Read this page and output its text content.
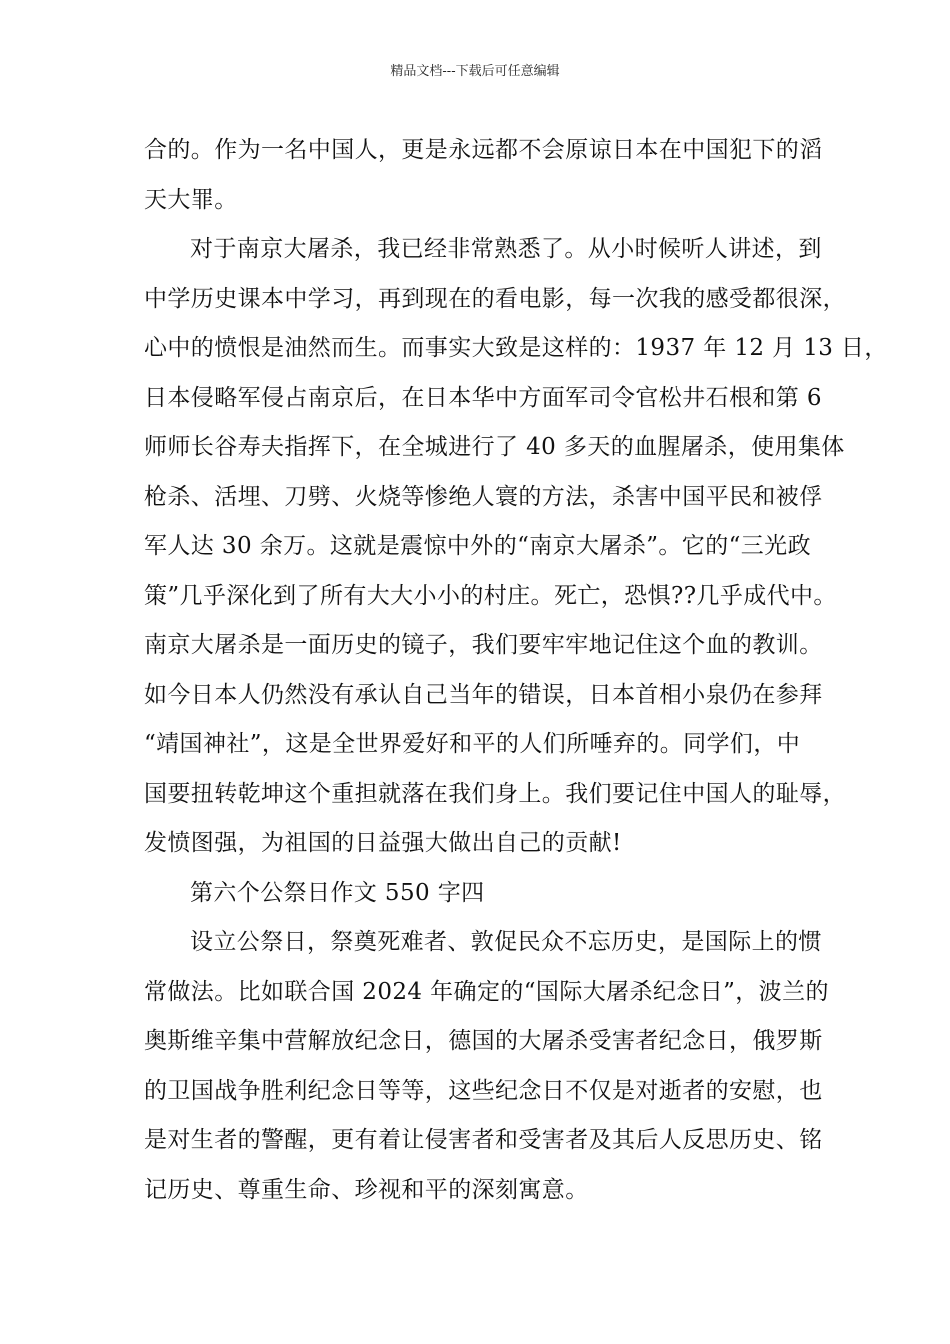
精品文档---下载后可任意编辑
合的。作为一名中国人，更是永远都不会原谅日本在中国犯下的滔
天大罪。
对于南京大屠杀，我已经非常熟悉了。从小时候听人讲述，到
中学历史课本中学习，再到现在的看电影，每一次我的感受都很深，
心中的愤恨是油然而生。而事实大致是这样的：1937 年 12 月 13 日，
日本侵略军侵占南京后，在日本华中方面军司令官松井石根和第 6
师师长谷寿夫指挥下，在全城进行了 40 多天的血腥屠杀，使用集体
枪杀、活埋、刀劈、火烧等惨绝人寰的方法，杀害中国平民和被俘
军人达 30 余万。这就是震惊中外的“南京大屠杀”。它的“三光政
策”几乎深化到了所有大大小小的村庄。死亡，恐惧??几乎成代中。
南京大屠杀是一面历史的镜子，我们要牢牢地记住这个血的教训。
如今日本人仍然没有承认自己当年的错误，日本首相小泉仍在参拜
“靖国神社”，这是全世界爱好和平的人们所唾弃的。同学们，中
国要扭转乾坤这个重担就落在我们身上。我们要记住中国人的耻辱，
发愤图强，为祖国的日益强大做出自己的贡献!
第六个公祭日作文 550 字四
设立公祭日，祭奠死难者、敦促民众不忘历史，是国际上的惯
常做法。比如联合国 2024 年确定的“国际大屠杀纪念日”，波兰的
奥斯维辛集中营解放纪念日，德国的大屠杀受害者纪念日，俄罗斯
的卫国战争胜利纪念日等等，这些纪念日不仅是对逝者的安慰，也
是对生者的警醒，更有着让侵害者和受害者及其后人反思历史、铭
记历史、尊重生命、珍视和平的深刻寓意。
